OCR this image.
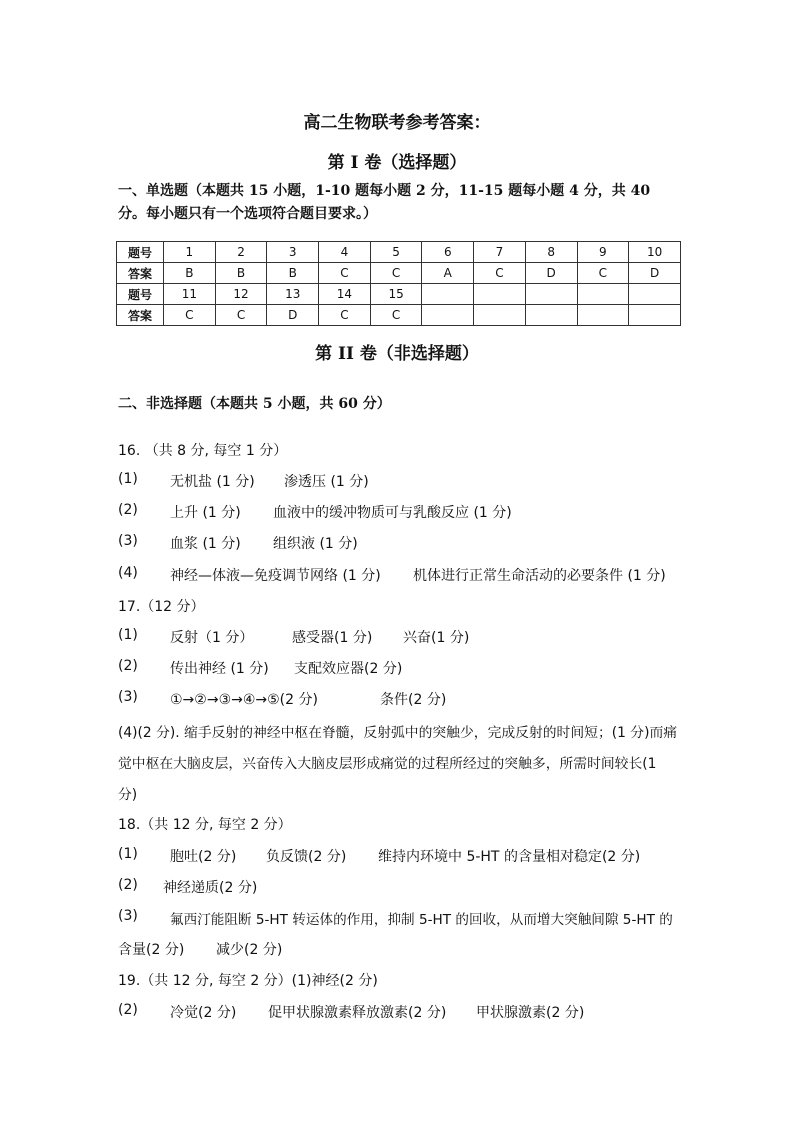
高二生物联考参考答案：
第 I 卷（选择题）
一、单选题（本题共 15 小题，1-10 题每小题 2 分，11-15 题每小题 4 分，共 40
分。每小题只有一个选项符合题目要求。）
题号	1	2	3	4	5	6	7	8	9	10
答案	B	B	B	C	C	A	C	D	C	D
题号	11	12	13	14	15					
答案	C	C	D	C	C					
第 II 卷（非选择题）
二、非选择题（本题共 5 小题，共 60 分）
16. （共 8 分, 每空 1 分）
(1) 无机盐 (1 分) 渗透压 (1 分)
(2) 上升 (1 分) 血液中的缓冲物质可与乳酸反应 (1 分)
(3) 血浆 (1 分) 组织液 (1 分)
(4) 神经—体液—免疫调节网络 (1 分) 机体进行正常生命活动的必要条件 (1 分)
17.（12 分）
(1) 反射（1 分）	感受器(1 分) 兴奋(1 分)
(2) 传出神经 (1 分) 支配效应器(2 分)
(3) ①→②→③→④→⑤(2 分)	条件(2 分)
(4)(2 分). 缩手反射的神经中枢在脊髓，反射弧中的突触少，完成反射的时间短；(1 分)而痛
觉中枢在大脑皮层，兴奋传入大脑皮层形成痛觉的过程所经过的突触多，所需时间较长(1
分)
18.（共 12 分, 每空 2 分）
(1) 胞吐(2 分) 负反馈(2 分) 维持内环境中 5-HT 的含量相对稳定(2 分)
(2) 神经递质(2 分)
(3) 氟西汀能阻断 5-HT 转运体的作用，抑制 5-HT 的回收，从而增大突触间隙 5-HT 的
含量(2 分) 减少(2 分)
19.（共 12 分, 每空 2 分）(1)神经(2 分)
(2) 冷觉(2 分) 促甲状腺激素释放激素(2 分) 甲状腺激素(2 分)
